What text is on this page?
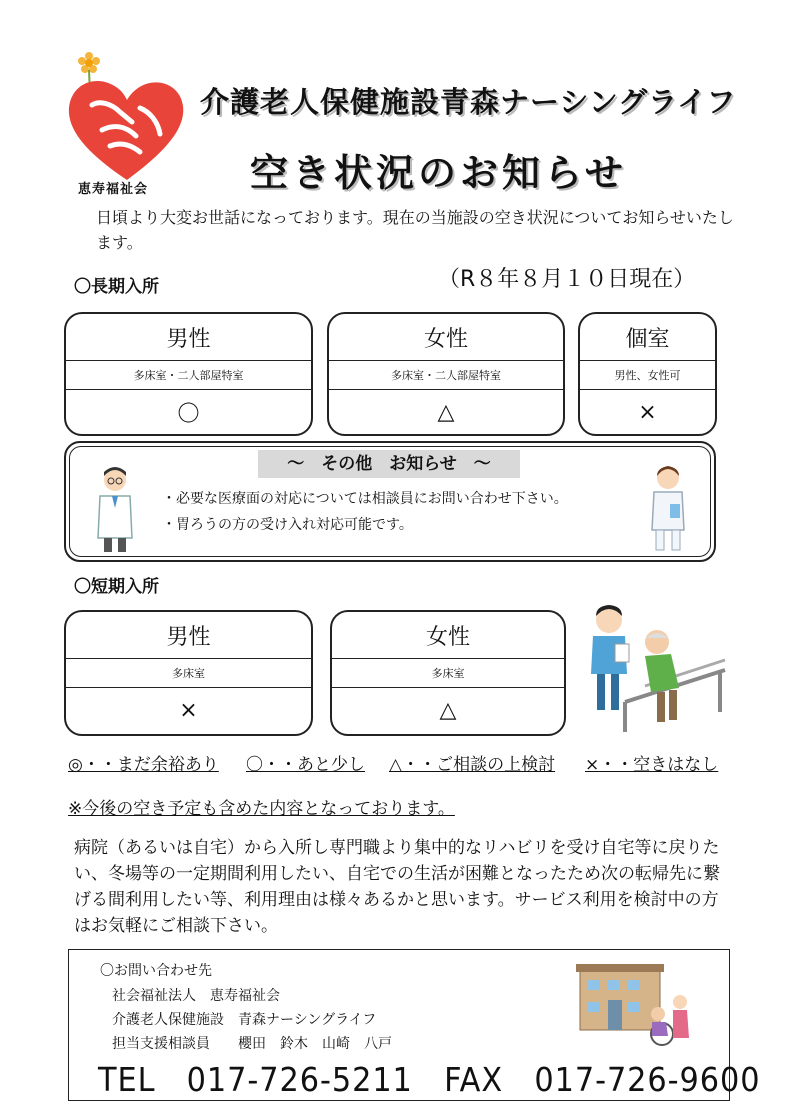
恵寿福祉会
介護老人保健施設青森ナーシングライフ
空き状況のお知らせ
日頃より大変お世話になっております。現在の当施設の空き状況についてお知らせいたします。
〇長期入所	（R８年８月１０日現在）
男性
多床室・二人部屋特室
〇
女性
多床室・二人部屋特室
△
個室
男性、女性可
×
～　その他　お知らせ　～
・必要な医療面の対応については相談員にお問い合わせ下さい。
・胃ろうの方の受け入れ対応可能です。
〇短期入所
男性
多床室
×
女性
多床室
△
◎・・まだ余裕あり 〇・・あと少し △・・ご相談の上検討 ×・・空きはなし
※今後の空き予定も含めた内容となっております。
病院（あるいは自宅）から入所し専門職より集中的なリハビリを受け自宅等に戻りたい、冬場等の一定期間利用したい、自宅での生活が困難となったため次の転帰先に繋げる間利用したい等、利用理由は様々あるかと思います。サービス利用を検討中の方はお気軽にご相談下さい。
〇お問い合わせ先
社会福祉法人　恵寿福祉会
介護老人保健施設　青森ナーシングライフ
担当支援相談員　　櫻田　鈴木　山崎　八戸
TEL　017-726-5211　FAX　017-726-9600
